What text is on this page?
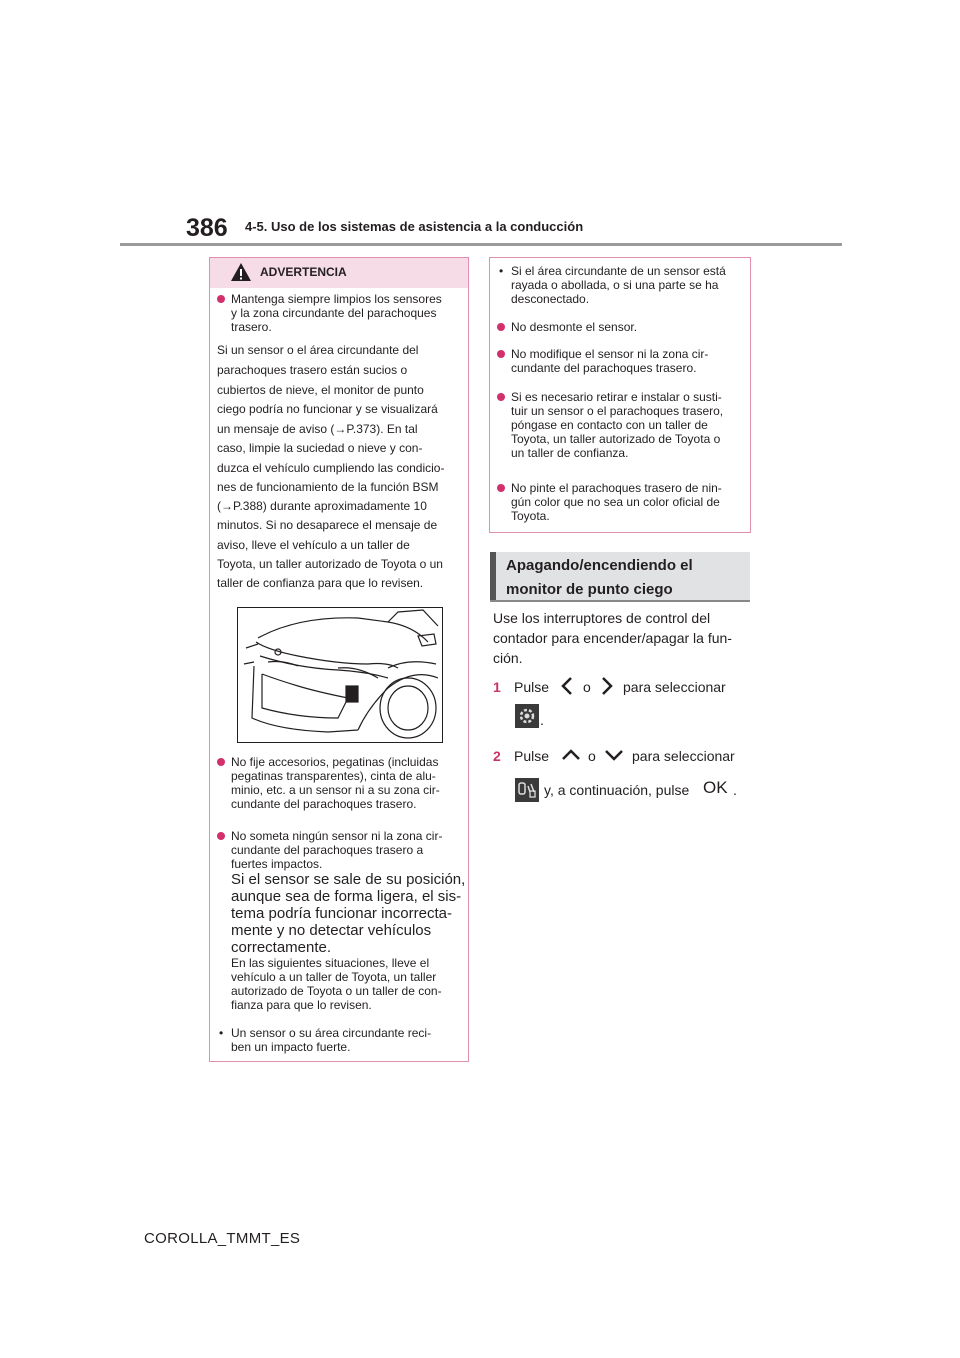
386 4-5. Uso de los sistemas de asistencia a la conducción
ADVERTENCIA
Mantenga siempre limpios los sensores
y la zona circundante del parachoques
trasero.
Si un sensor o el área circundante del
parachoques trasero están sucios o
cubiertos de nieve, el monitor de punto
ciego podría no funcionar y se visualizará
un mensaje de aviso (→P.373). En tal
caso, limpie la suciedad o nieve y con-
duzca el vehículo cumpliendo las condicio-
nes de funcionamiento de la función BSM
(→P.388) durante aproximadamente 10
minutos. Si no desaparece el mensaje de
aviso, lleve el vehículo a un taller de
Toyota, un taller autorizado de Toyota o un
taller de confianza para que lo revisen.
No fije accesorios, pegatinas (incluidas
pegatinas transparentes), cinta de alu-
minio, etc. a un sensor ni a su zona cir-
cundante del parachoques trasero.
No someta ningún sensor ni la zona cir-
cundante del parachoques trasero a
fuertes impactos.
Si el sensor se sale de su posición,
aunque sea de forma ligera, el sis-
tema podría funcionar incorrecta-
mente y no detectar vehículos
correctamente.
En las siguientes situaciones, lleve el
vehículo a un taller de Toyota, un taller
autorizado de Toyota o un taller de con-
fianza para que lo revisen.
• Un sensor o su área circundante reci-
ben un impacto fuerte.
• Si el área circundante de un sensor está
rayada o abollada, o si una parte se ha
desconectado.
No desmonte el sensor.
No modifique el sensor ni la zona cir-
cundante del parachoques trasero.
Si es necesario retirar e instalar o susti-
tuir un sensor o el parachoques trasero,
póngase en contacto con un taller de
Toyota, un taller autorizado de Toyota o
un taller de confianza.
No pinte el parachoques trasero de nin-
gún color que no sea un color oficial de
Toyota.
Apagando/encendiendo el
monitor de punto ciego
Use los interruptores de control del
contador para encender/apagar la fun-
ción.
1 Pulse o para seleccionar
.
2 Pulse	o	para seleccionar
y, a continuación, pulse OK .
COROLLA_TMMT_ES
